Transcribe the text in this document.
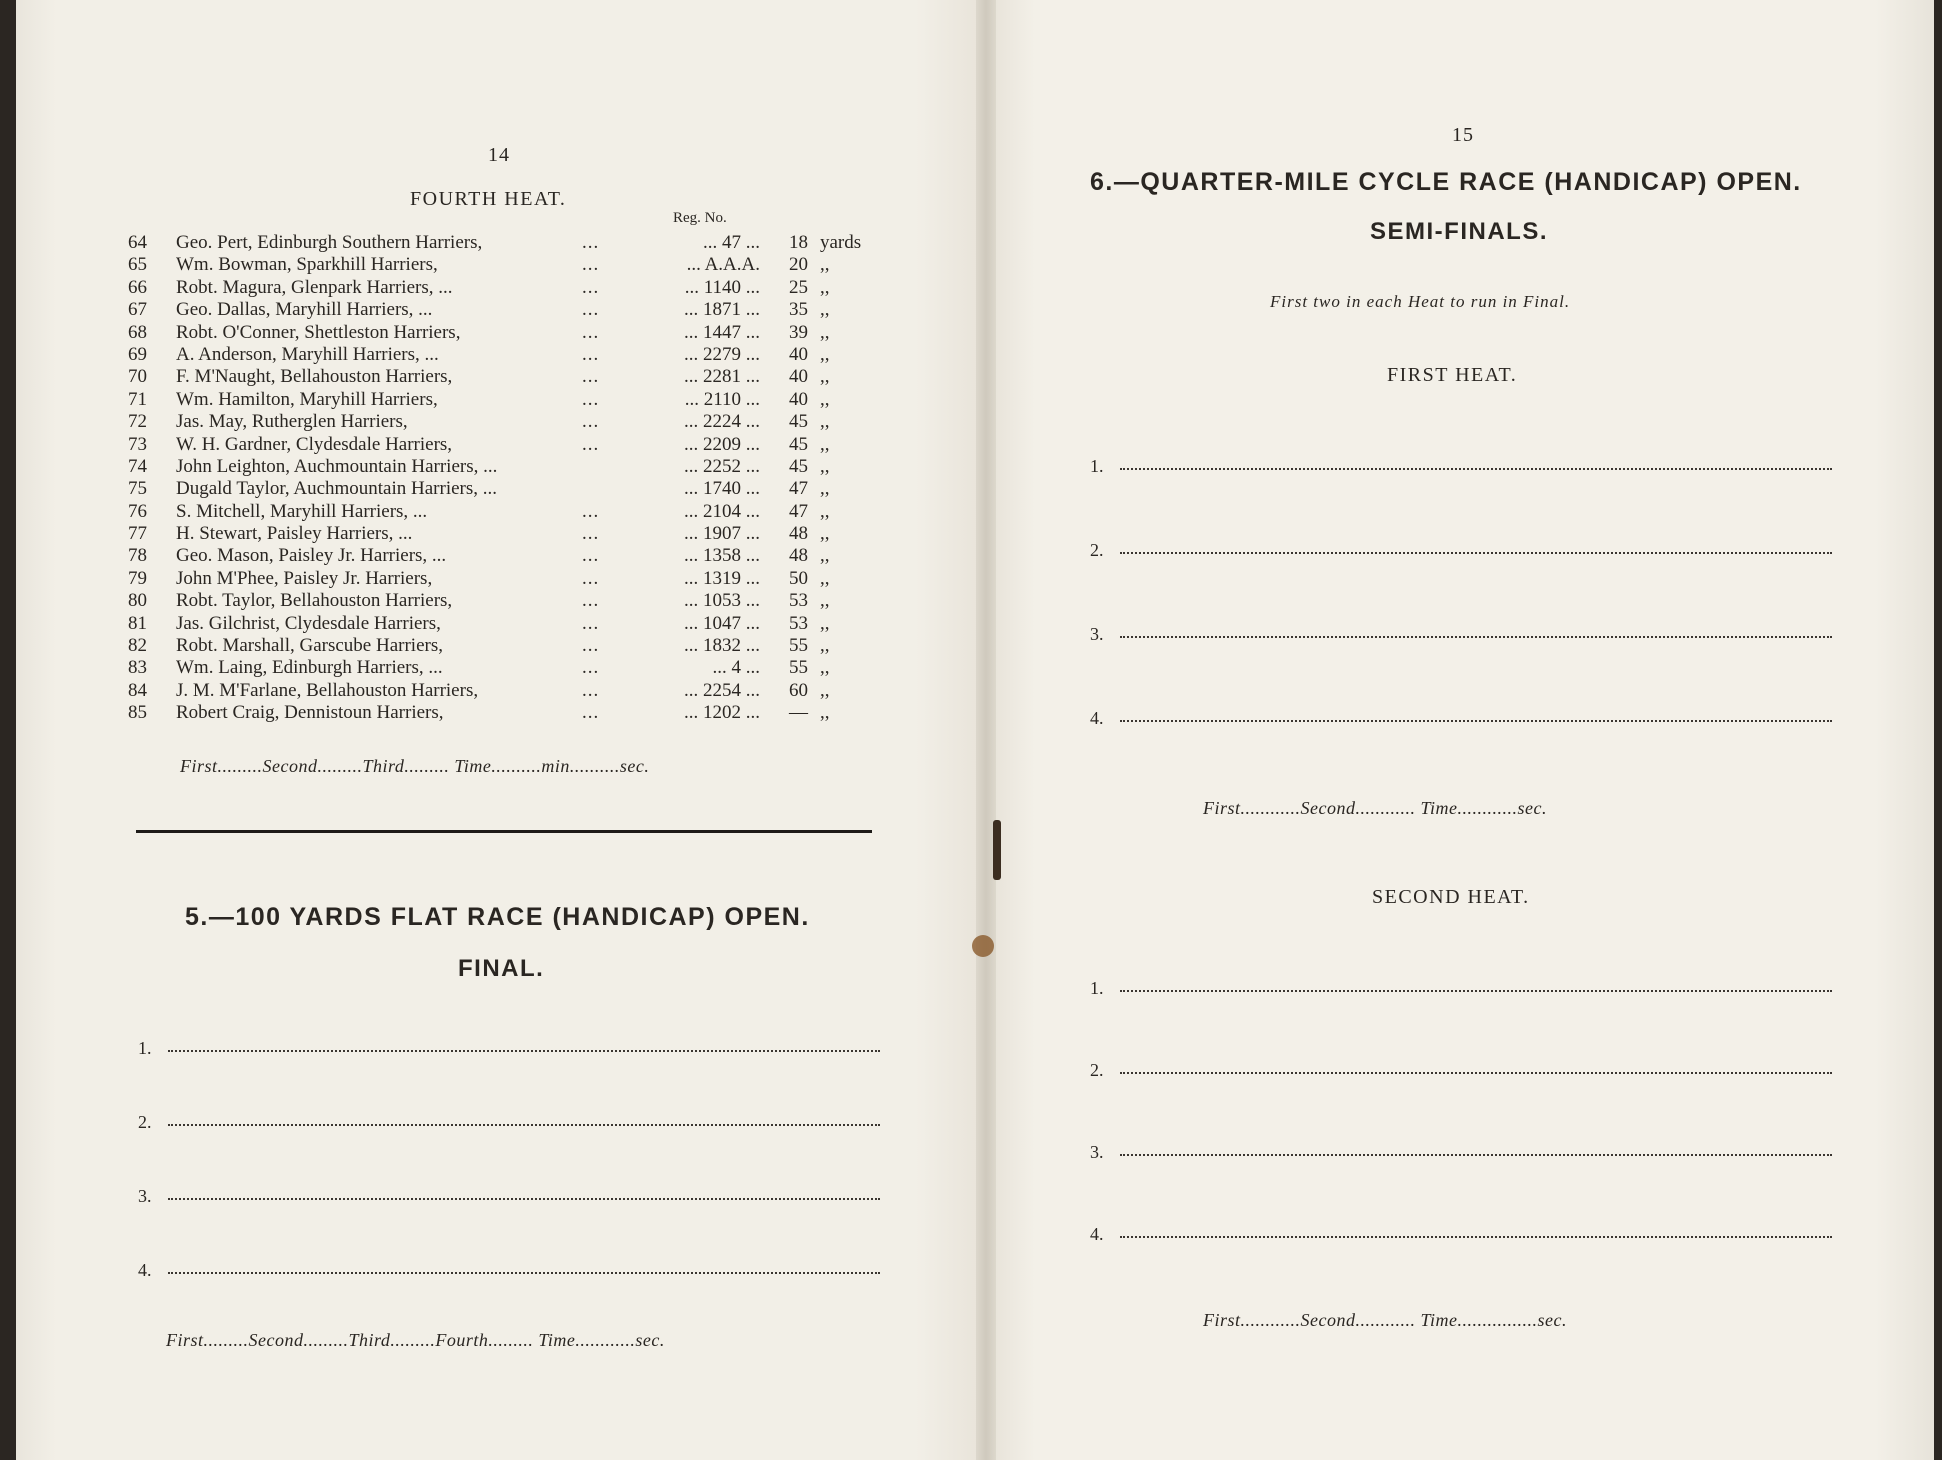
14
FOURTH HEAT.
Reg. No.
64	Geo. Pert, Edinburgh Southern Harriers,	...	... 47 ...	18 yards
65	Wm. Bowman, Sparkhill Harriers,	...	... A.A.A.	20 ,,
66	Robt. Magura, Glenpark Harriers, ...	...	... 1140 ...	25 ,,
67	Geo. Dallas, Maryhill Harriers, ...	...	... 1871 ...	35 ,,
68	Robt. O'Conner, Shettleston Harriers,	...	... 1447 ...	39 ,,
69	A. Anderson, Maryhill Harriers, ...	...	... 2279 ...	40 ,,
70	F. M'Naught, Bellahouston Harriers,	...	... 2281 ...	40 ,,
71	Wm. Hamilton, Maryhill Harriers,	...	... 2110 ...	40 ,,
72	Jas. May, Rutherglen Harriers,	...	... 2224 ...	45 ,,
73	W. H. Gardner, Clydesdale Harriers,	...	... 2209 ...	45 ,,
74	John Leighton, Auchmountain Harriers, ...	... 2252 ...	45 ,,
75	Dugald Taylor, Auchmountain Harriers, ...	... 1740 ...	47 ,,
76	S. Mitchell, Maryhill Harriers, ...	...	... 2104 ...	47 ,,
77	H. Stewart, Paisley Harriers, ...	...	... 1907 ...	48 ,,
78	Geo. Mason, Paisley Jr. Harriers, ...	...	... 1358 ...	48 ,,
79	John M'Phee, Paisley Jr. Harriers,	...	... 1319 ...	50 ,,
80	Robt. Taylor, Bellahouston Harriers,	...	... 1053 ...	53 ,,
81	Jas. Gilchrist, Clydesdale Harriers,	...	... 1047 ...	53 ,,
82	Robt. Marshall, Garscube Harriers,	...	... 1832 ...	55 ,,
83	Wm. Laing, Edinburgh Harriers, ...	...	... 4 ...	55 ,,
84	J. M. M'Farlane, Bellahouston Harriers,	...	... 2254 ...	60 ,,
85	Robert Craig, Dennistoun Harriers,	...	... 1202 ...	— ,,
First.........Second.........Third......... Time..........min..........sec.
5.—100 YARDS FLAT RACE (HANDICAP) OPEN.
FINAL.
1.
2.
3.
4.
First.........Second.........Third.........Fourth......... Time............sec.
15
6.—QUARTER-MILE CYCLE RACE (HANDICAP) OPEN.
SEMI-FINALS.
First two in each Heat to run in Final.
FIRST HEAT.
1.
2.
3.
4.
First............Second............ Time............sec.
SECOND HEAT.
1.
2.
3.
4.
First............Second............ Time................sec.
